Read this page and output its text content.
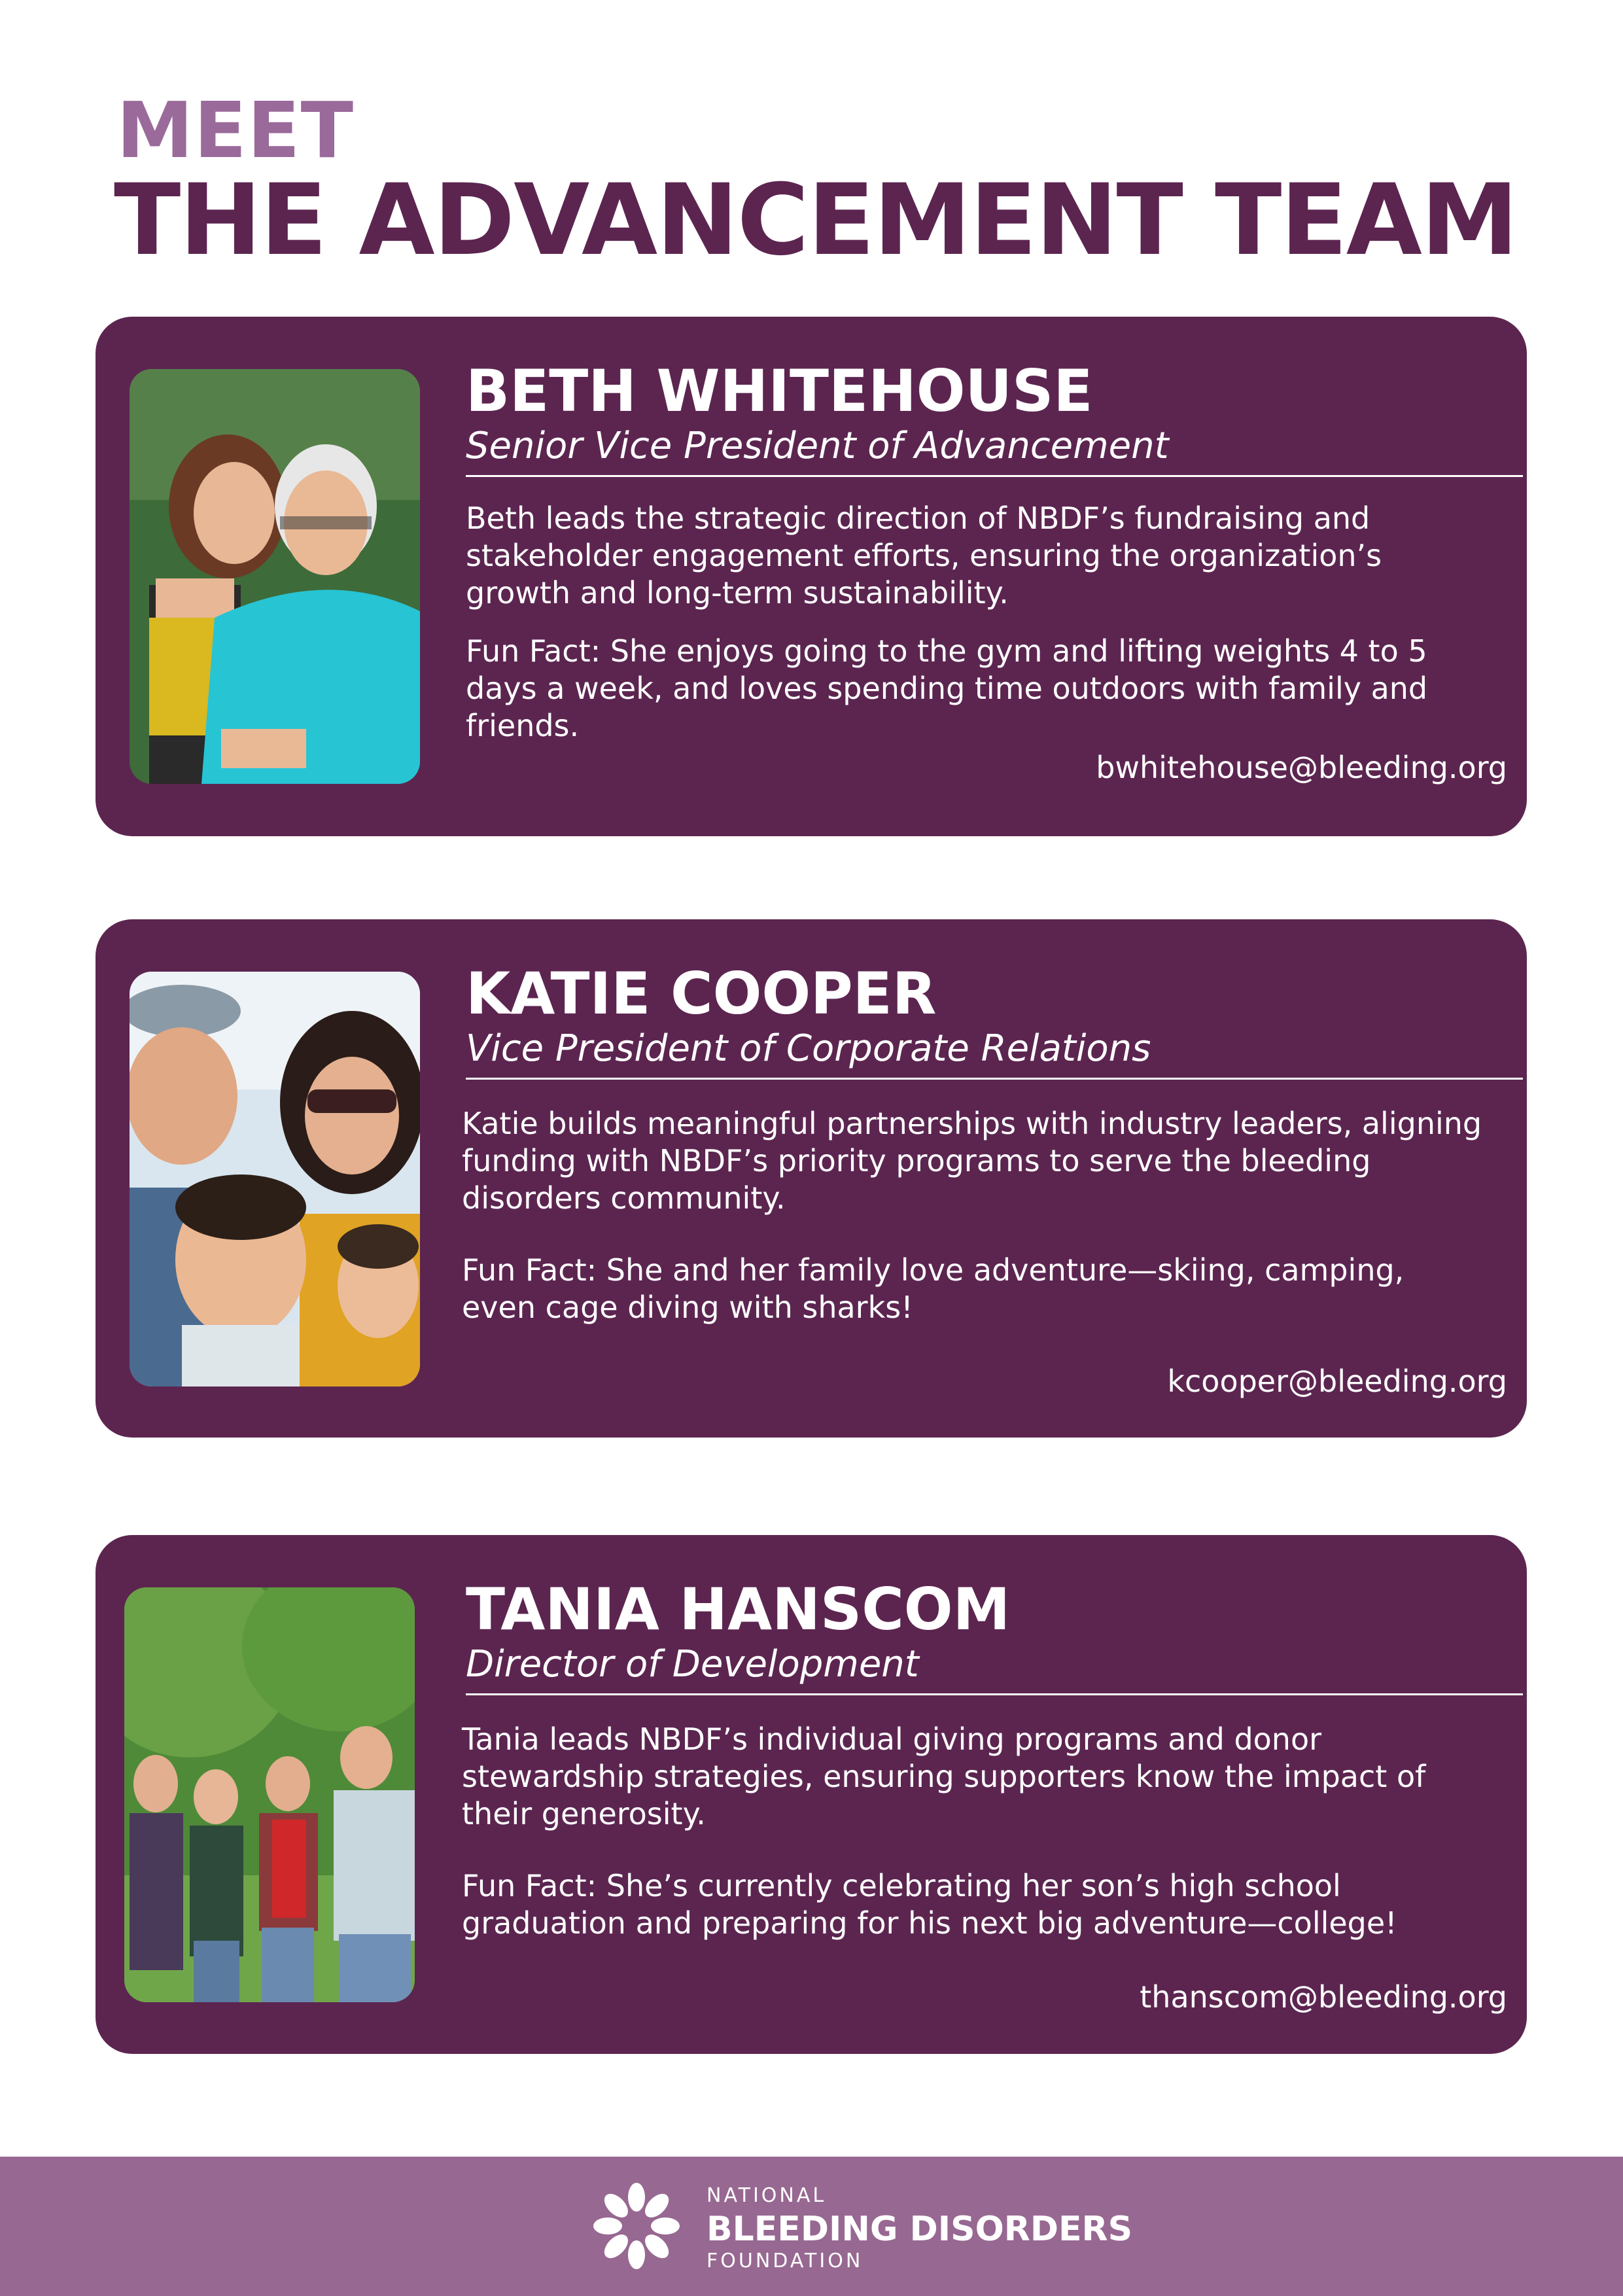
MEET
THE ADVANCEMENT TEAM
BETH WHITEHOUSE
Senior Vice President of Advancement
Beth leads the strategic direction of NBDF’s fundraising and stakeholder engagement efforts, ensuring the organization’s growth and long-term sustainability.
Fun Fact: She enjoys going to the gym and lifting weights 4 to 5 days a week, and loves spending time outdoors with family and friends.
bwhitehouse@bleeding.org
KATIE COOPER
Vice President of Corporate Relations
Katie builds meaningful partnerships with industry leaders, aligning funding with NBDF’s priority programs to serve the bleeding disorders community.
Fun Fact: She and her family love adventure—skiing, camping, even cage diving with sharks!
kcooper@bleeding.org
TANIA HANSCOM
Director of Development
Tania leads NBDF’s individual giving programs and donor stewardship strategies, ensuring supporters know the impact of their generosity.
Fun Fact: She’s currently celebrating her son’s high school graduation and preparing for his next big adventure—college!
thanscom@bleeding.org
NATIONAL
BLEEDING DISORDERS
FOUNDATION
